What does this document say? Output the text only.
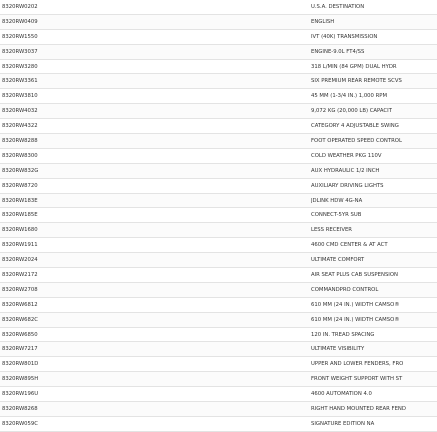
8320RW0202	U.S.A. DESTINATION
8320RW0409	ENGLISH
8320RW1550	IVT (40K) TRANSMISSION
8320RW3037	ENGINE-9.0L FT4/SS
8320RW3280	318 L/MIN (84 GPM) DUAL HYDR
8320RW3361	SIX PREMIUM REAR REMOTE SCVS
8320RW3810	45 MM (1-3/4 IN.) 1,000 RPM
8320RW4032	9,072 KG (20,000 LB) CAPACIT
8320RW4322	CATEGORY 4 ADJUSTABLE SWING
8320RW8288	FOOT OPERATED SPEED CONTROL
8320RW8300	COLD WEATHER PKG 110V
8320RW832G	AUX HYDRAULIC 1/2 INCH
8320RW8720	AUXILIARY DRIVING LIGHTS
8320RW183E	JDLINK HDW 4G-NA
8320RW185E	CONNECT-5YR SUB
8320RW1680	LESS RECEIVER
8320RW1911	4600 CMD CENTER & AT ACT
8320RW2024	ULTIMATE COMFORT
8320RW2172	AIR SEAT PLUS CAB SUSPENSION
8320RW2708	COMMANDPRO CONTROL
8320RW6812	610 MM (24 IN.) WIDTH CAMSO®
8320RW682C	610 MM (24 IN.) WIDTH CAMSO®
8320RW6850	120 IN. TREAD SPACING
8320RW7217	ULTIMATE VISIBILITY
8320RW801D	UPPER AND LOWER FENDERS, FRO
8320RW895H	FRONT WEIGHT SUPPORT WITH ST
8320RW196U	4600 AUTOMATION 4.0
8320RW8268	RIGHT HAND MOUNTED REAR FEND
8320RW059C	SIGNATURE EDITION NA
